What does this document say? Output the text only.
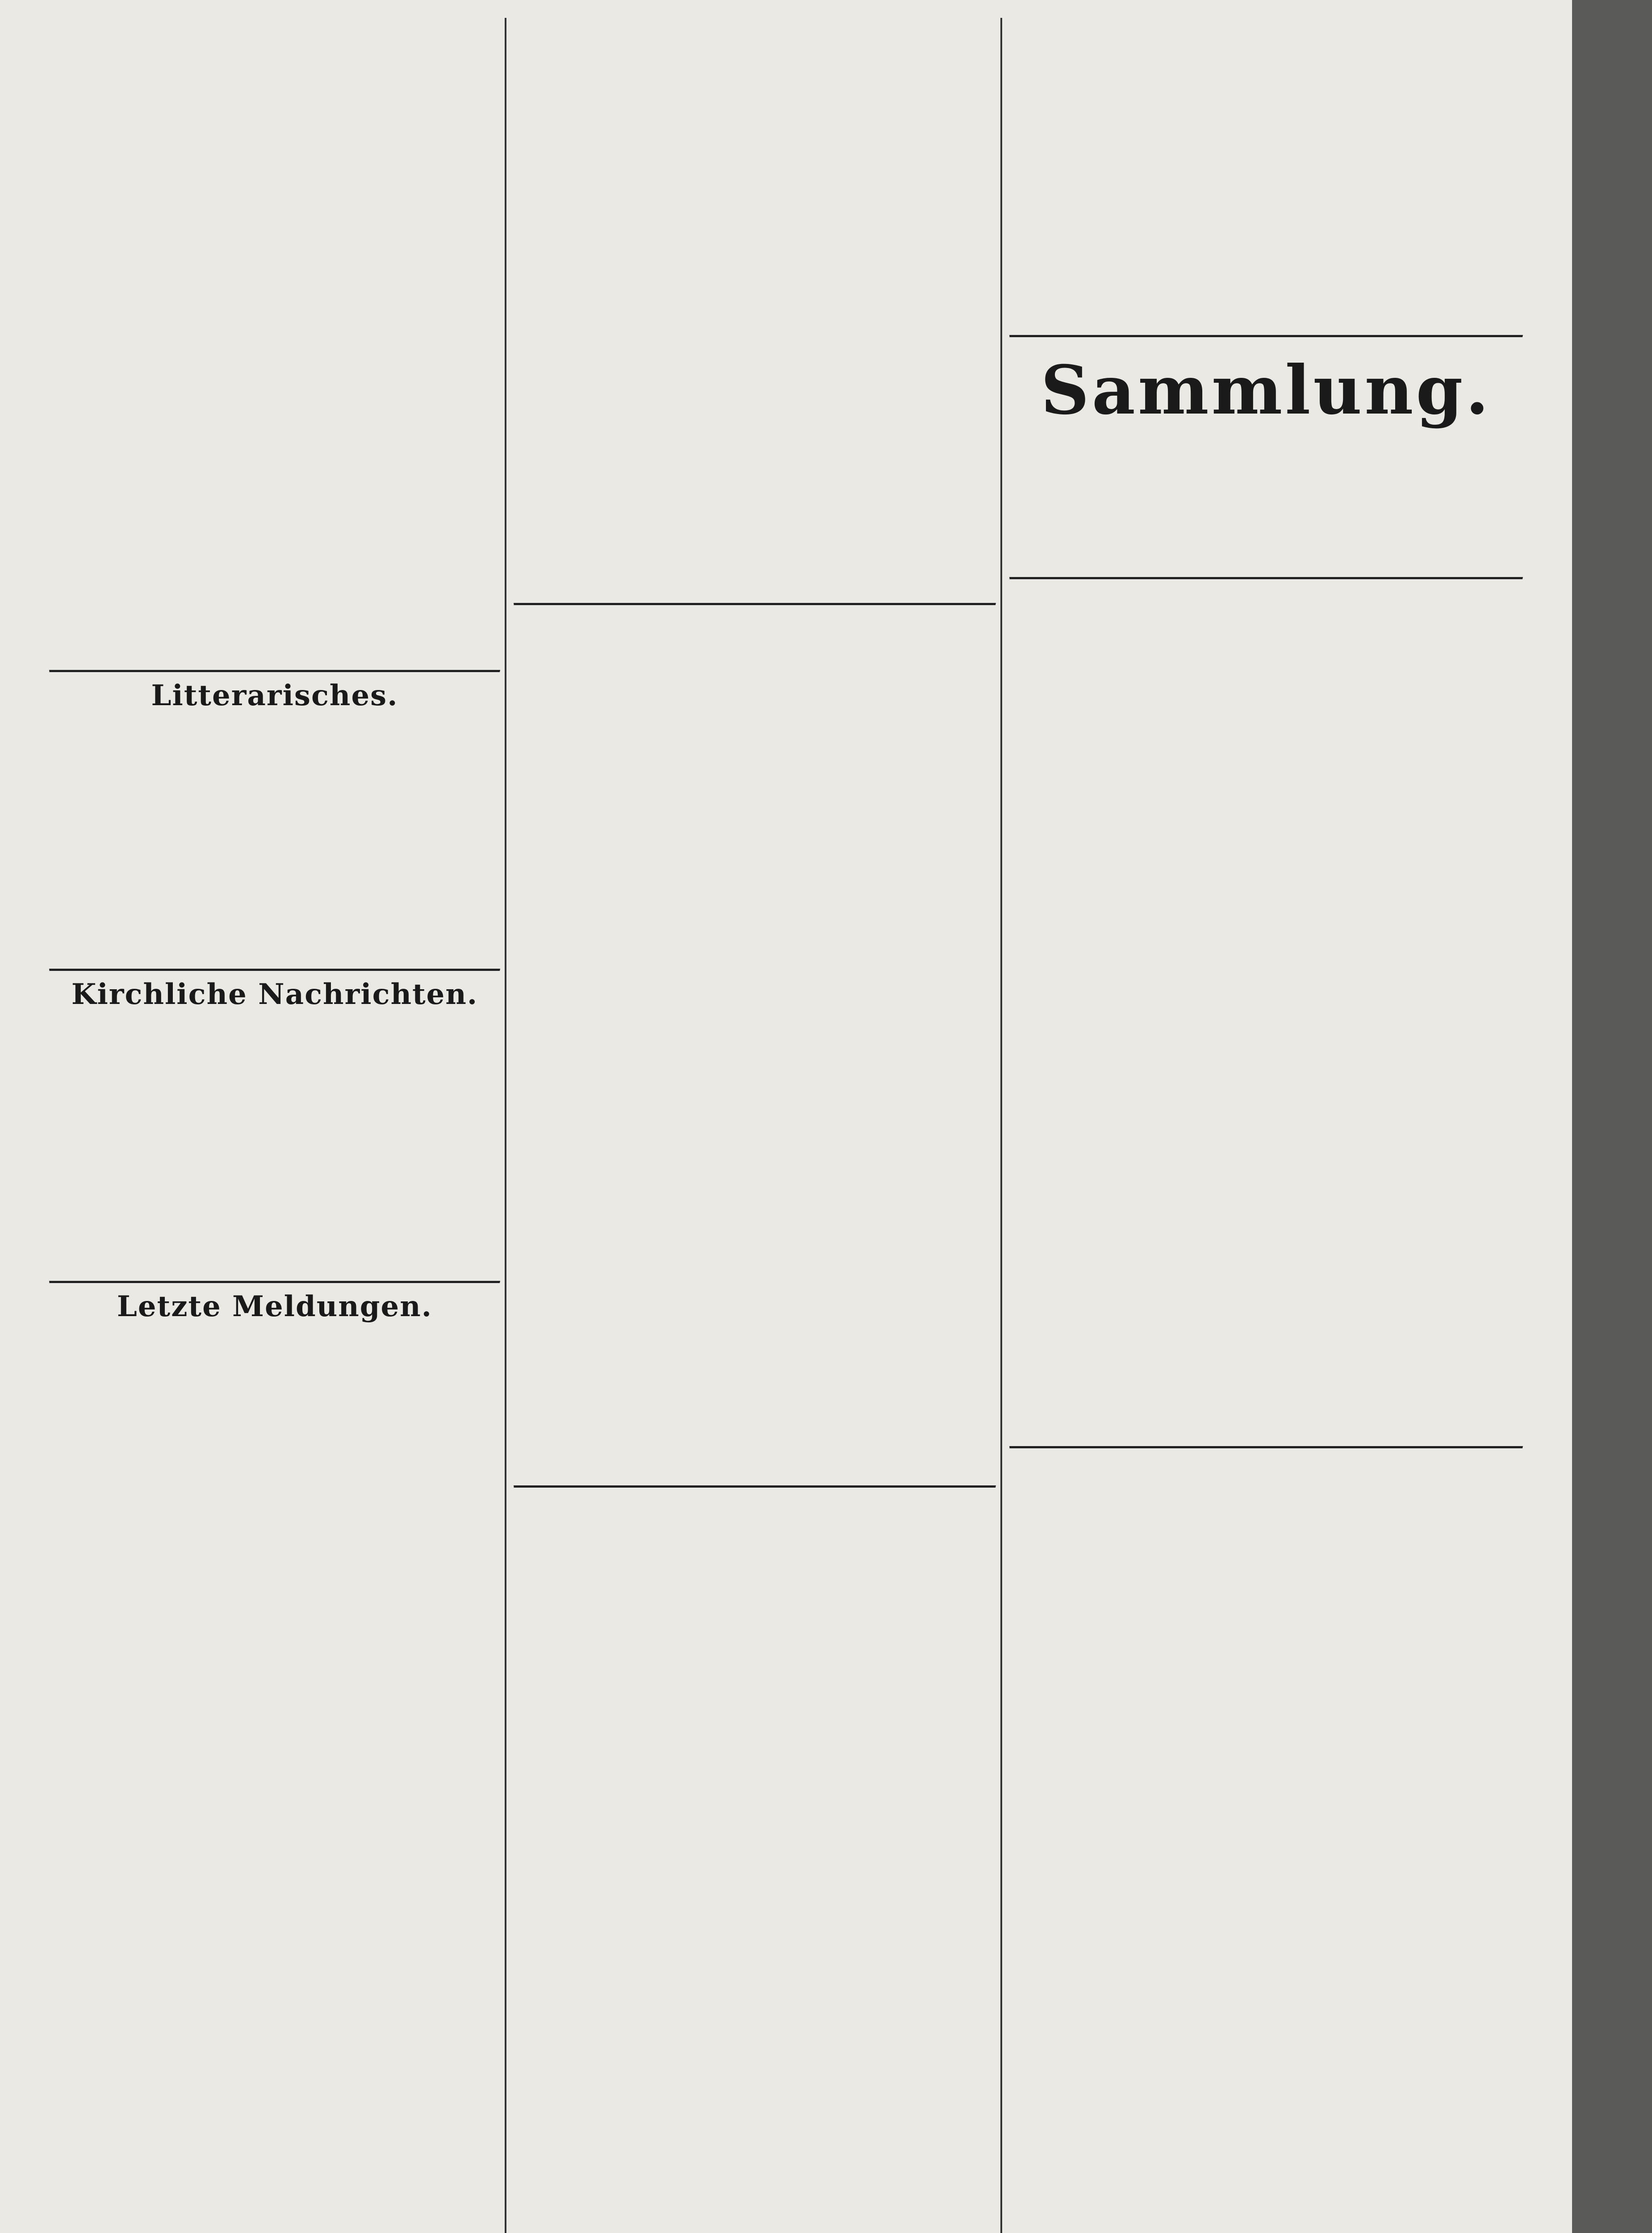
Litterarisches.
Kirchliche Nachrichten.
Letzte Meldungen.
Sammlung.
